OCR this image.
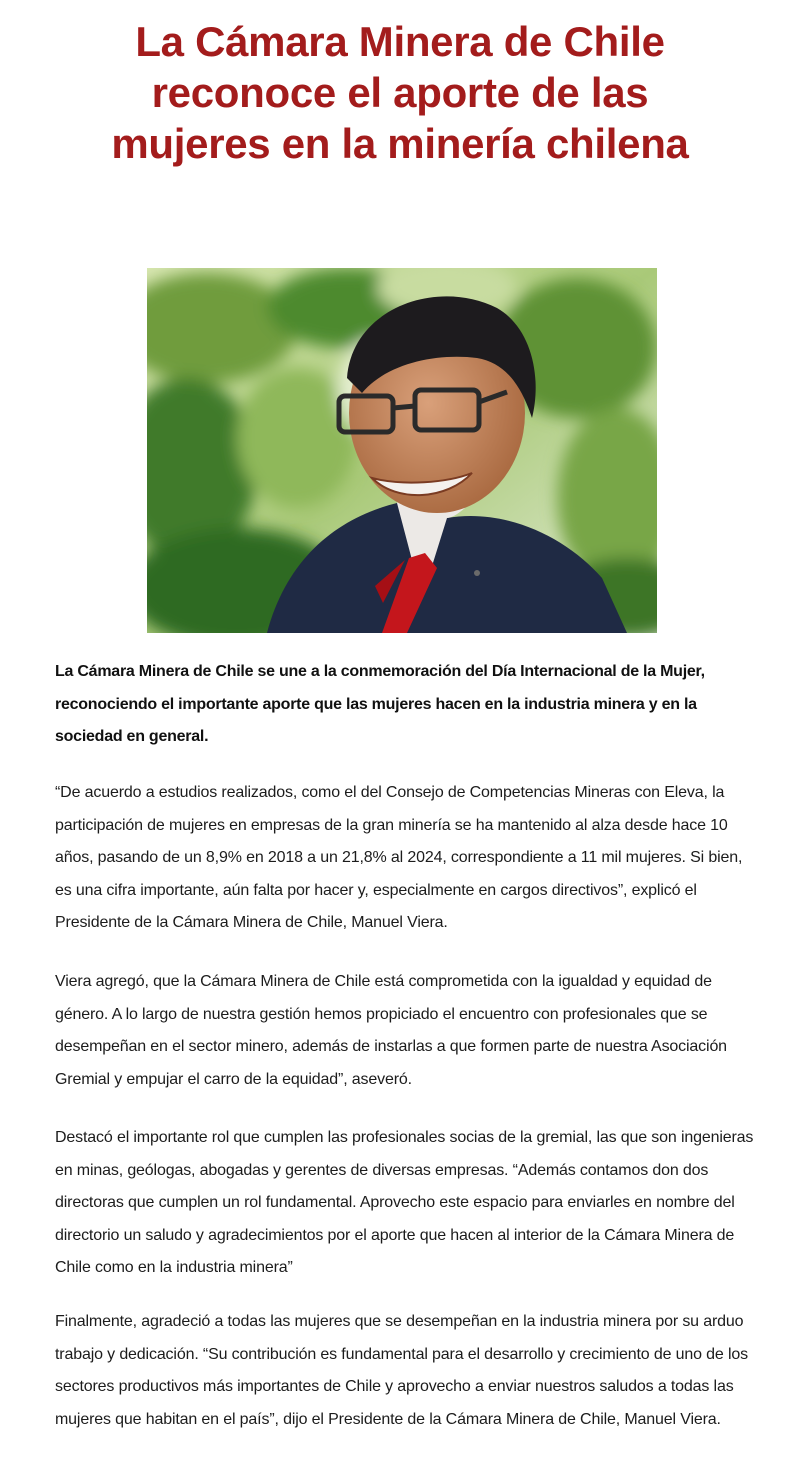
La Cámara Minera de Chile reconoce el aporte de las mujeres en la minería chilena

La Cámara Minera de Chile se une a la conmemoración del Día Internacional de la Mujer, reconociendo el importante aporte que las mujeres hacen en la industria minera y en la sociedad en general.

“De acuerdo a estudios realizados, como el del Consejo de Competencias Mineras con Eleva, la participación de mujeres en empresas de la gran minería se ha mantenido al alza desde hace 10 años, pasando de un 8,9% en 2018 a un 21,8% al 2024, correspondiente a 11 mil mujeres. Si bien, es una cifra importante, aún falta por hacer y, especialmente en cargos directivos”, explicó el Presidente de la Cámara Minera de Chile, Manuel Viera.

Viera agregó, que la Cámara Minera de Chile está comprometida con la igualdad y equidad de género. A lo largo de nuestra gestión hemos propiciado el encuentro con profesionales que se desempeñan en el sector minero, además de instarlas a que formen parte de nuestra Asociación Gremial y empujar el carro de la equidad”, aseveró.

Destacó el importante rol que cumplen las profesionales socias de la gremial, las que son ingenieras en minas, geólogas, abogadas y gerentes de diversas empresas. “Además contamos don dos directoras que cumplen un rol fundamental. Aprovecho este espacio para enviarles en nombre del directorio un saludo y agradecimientos por el aporte que hacen al interior de la Cámara Minera de Chile como en la industria minera”

Finalmente, agradeció a todas las mujeres que se desempeñan en la industria minera por su arduo trabajo y dedicación. “Su contribución es fundamental para el desarrollo y crecimiento de uno de los sectores productivos más importantes de Chile y aprovecho a enviar nuestros saludos a todas las mujeres que habitan en el país”, dijo el Presidente de la Cámara Minera de Chile, Manuel Viera.
